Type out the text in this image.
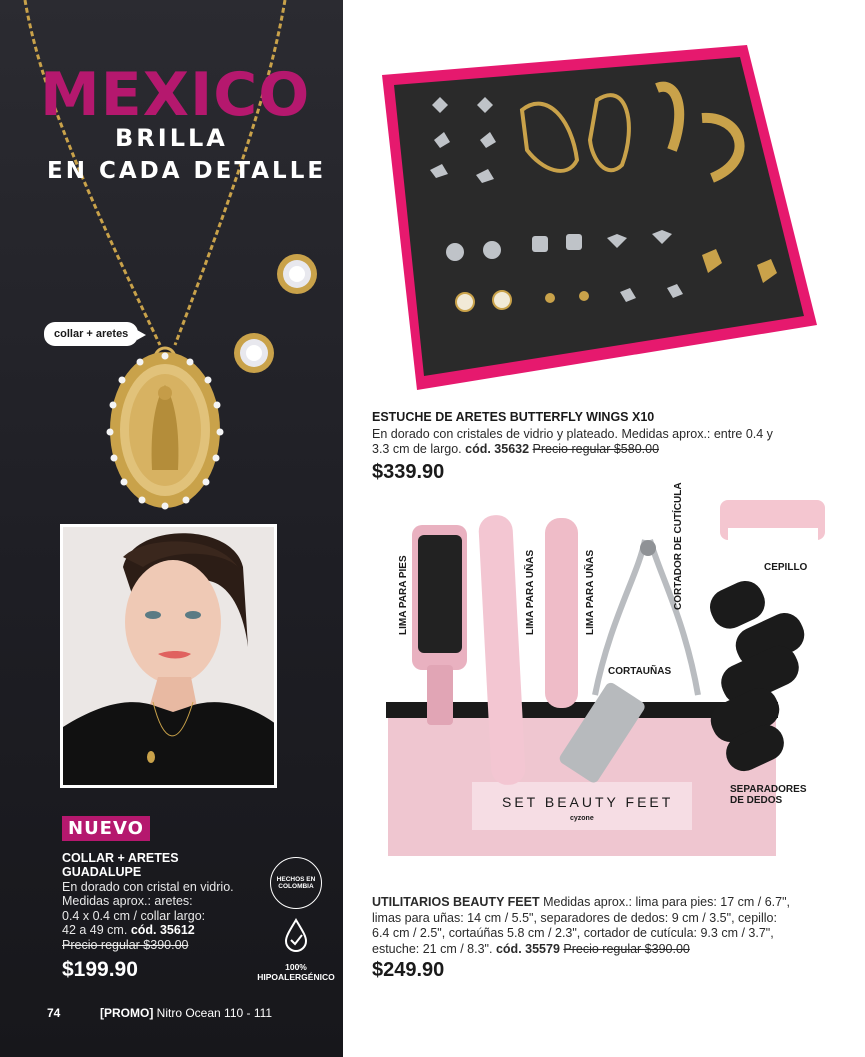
MEXICO
BRILLA
EN CADA DETALLE
collar + aretes
NUEVO
COLLAR + ARETES GUADALUPE
En dorado con cristal en vidrio.
Medidas aprox.: aretes:
0.4 x 0.4 cm / collar largo:
42 a 49 cm. cód. 35612
Precio regular $390.00
$199.90
HECHOS EN COLOMBIA
100% HIPOALERGÉNICO
74	[PROMO] Nitro Ocean 110 - 111
ESTUCHE DE ARETES BUTTERFLY WINGS X10
En dorado con cristales de vidrio y plateado. Medidas aprox.: entre 0.4 y 3.3 cm de largo. cód. 35632 Precio regular $580.00
$339.90
LIMA PARA PIES	LIMA PARA UÑAS	LIMA PARA UÑAS	CORTADOR DE CUTÍCULA	CEPILLO
CORTAUÑAS
SEPARADORES DE DEDOS
SET BEAUTY FEET
cyzone
UTILITARIOS BEAUTY FEET Medidas aprox.: lima para pies: 17 cm / 6.7", limas para uñas: 14 cm / 5.5", separadores de dedos: 9 cm / 3.5", cepillo: 6.4 cm / 2.5", cortaúñas 5.8 cm / 2.3", cortador de cutícula: 9.3 cm / 3.7", estuche: 21 cm / 8.3". cód. 35579 Precio regular $390.00
$249.90
